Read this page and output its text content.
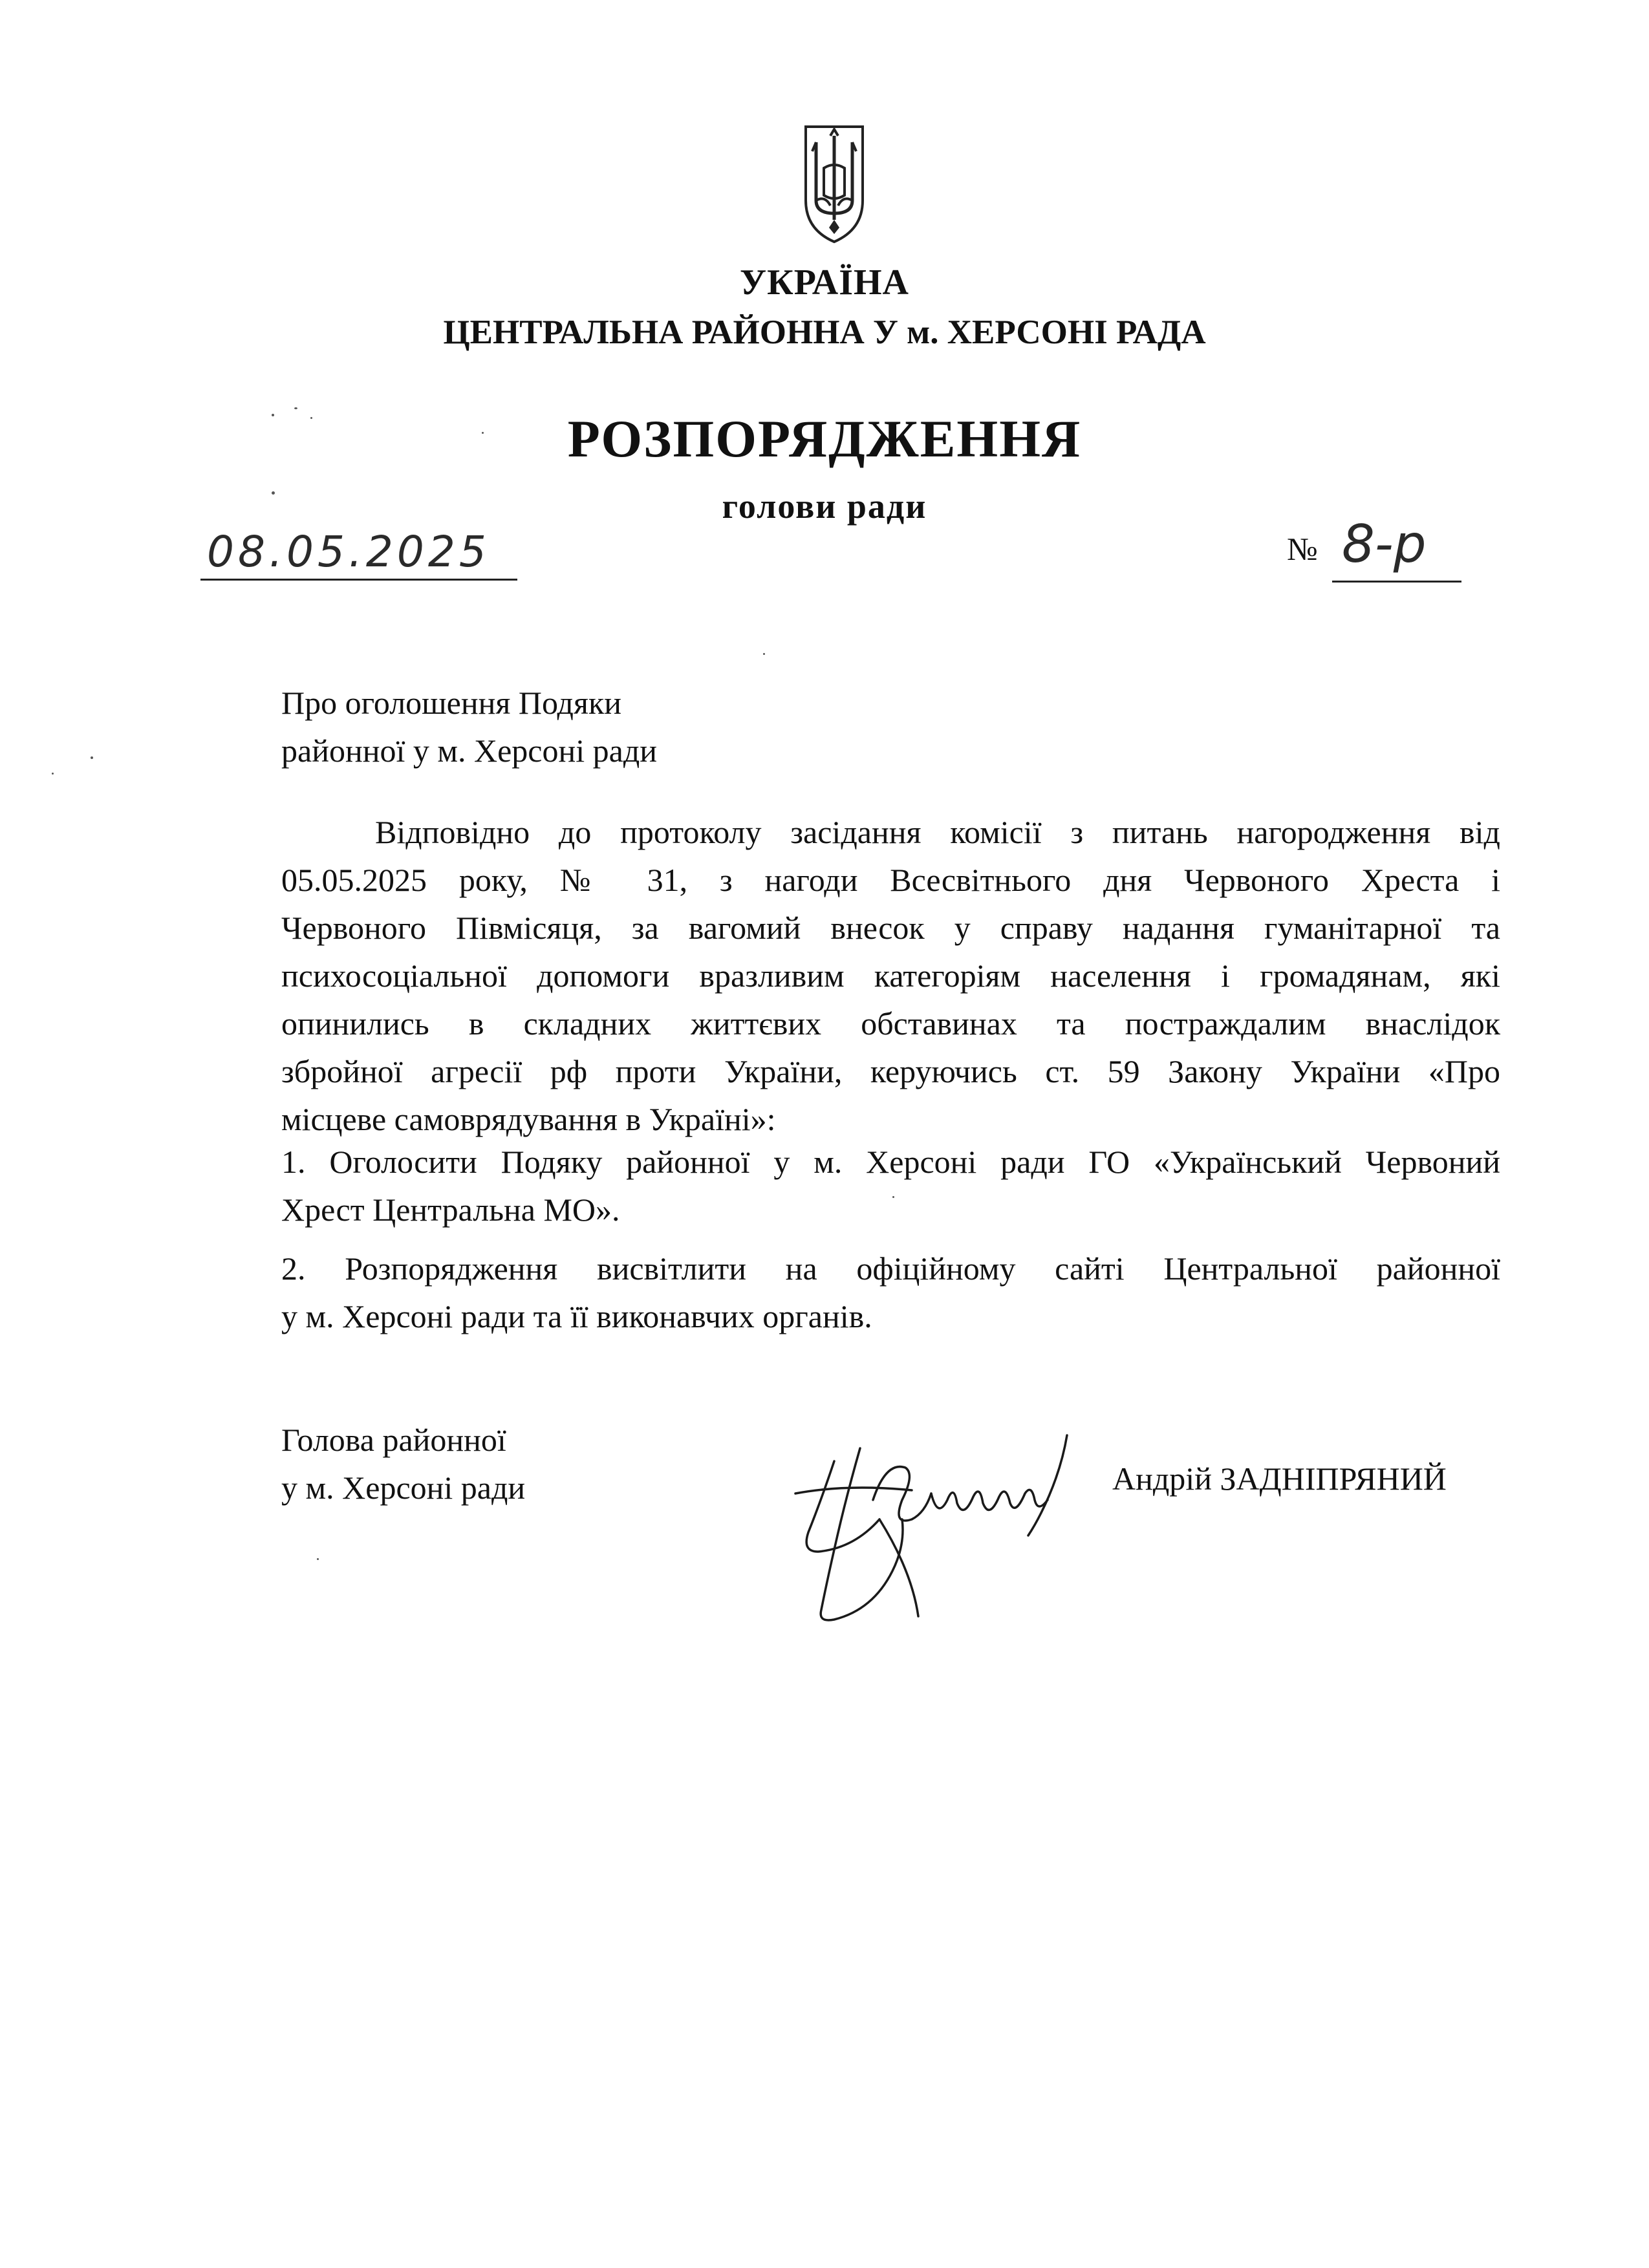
УКРАЇНА
ЦЕНТРАЛЬНА РАЙОННА У м. ХЕРСОНІ РАДА
РОЗПОРЯДЖЕННЯ
голови ради
08.05.2025	№ 8-р
Про оголошення Подяки
районної у м. Херсоні ради
Відповідно до протоколу засідання комісії з питань нагородження від
05.05.2025 року, № 31, з нагоди Всесвітнього дня Червоного Хреста і
Червоного Півмісяця, за вагомий внесок у справу надання гуманітарної та
психосоціальної допомоги вразливим категоріям населення і громадянам, які
опинились в складних життєвих обставинах та постраждалим внаслідок
збройної агресії рф проти України, керуючись ст. 59 Закону України «Про
місцеве самоврядування в Україні»:
1. Оголосити Подяку районної у м. Херсоні ради ГО «Український Червоний
Хрест Центральна МО».
2. Розпорядження висвітлити на офіційному сайті Центральної районної
у м. Херсоні ради та її виконавчих органів.
Голова районної
у м. Херсоні ради	Андрій ЗАДНІПРЯНИЙ
